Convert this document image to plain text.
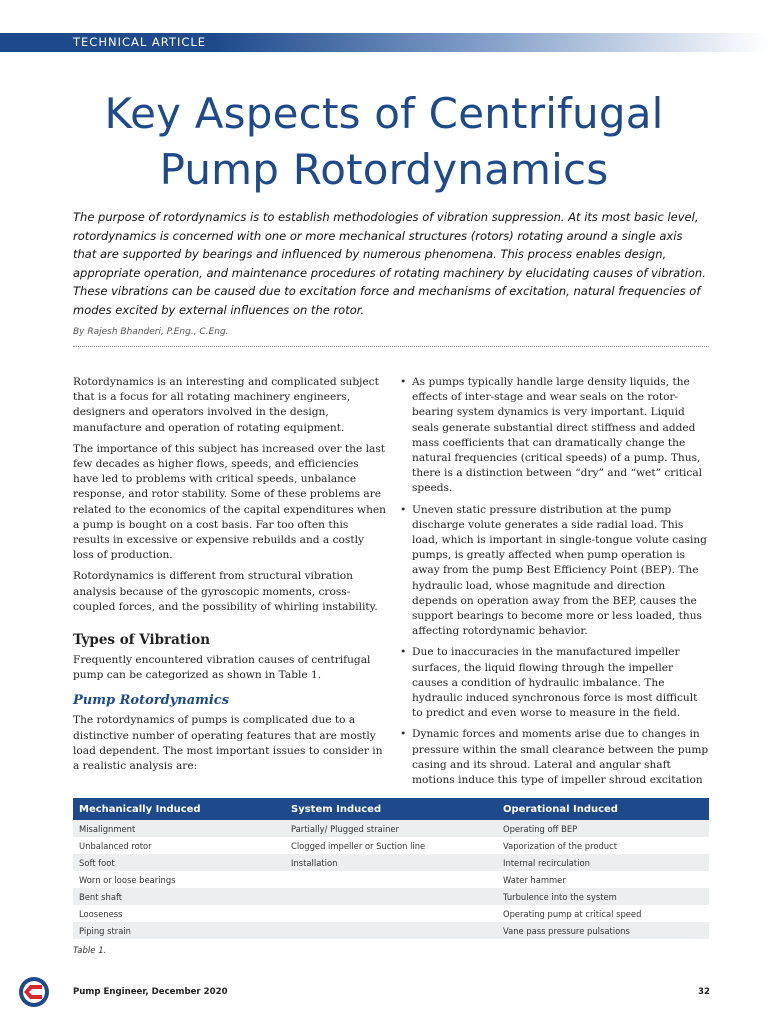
TECHNICAL ARTICLE
Key Aspects of Centrifugal
Pump Rotordynamics

The purpose of rotordynamics is to establish methodologies of vibration suppression. At its most basic level, rotordynamics is concerned with one or more mechanical structures (rotors) rotating around a single axis that are supported by bearings and influenced by numerous phenomena. This process enables design, appropriate operation, and maintenance procedures of rotating machinery by elucidating causes of vibration. These vibrations can be caused due to excitation force and mechanisms of excitation, natural frequencies of modes excited by external influences on the rotor.

By Rajesh Bhanderi, P.Eng., C.Eng.

Rotordynamics is an interesting and complicated subject that is a focus for all rotating machinery engineers, designers and operators involved in the design, manufacture and operation of rotating equipment.

The importance of this subject has increased over the last few decades as higher flows, speeds, and efficiencies have led to problems with critical speeds, unbalance response, and rotor stability. Some of these problems are related to the economics of the capital expenditures when a pump is bought on a cost basis. Far too often this results in excessive or expensive rebuilds and a costly loss of production.

Rotordynamics is different from structural vibration analysis because of the gyroscopic moments, cross-coupled forces, and the possibility of whirling instability.

Types of Vibration

Frequently encountered vibration causes of centrifugal pump can be categorized as shown in Table 1.

Pump Rotordynamics

The rotordynamics of pumps is complicated due to a distinctive number of operating features that are mostly load dependent. The most important issues to consider in a realistic analysis are:

• As pumps typically handle large density liquids, the effects of inter-stage and wear seals on the rotor-bearing system dynamics is very important. Liquid seals generate substantial direct stiffness and added mass coefficients that can dramatically change the natural frequencies (critical speeds) of a pump. Thus, there is a distinction between “dry” and “wet” critical speeds.
• Uneven static pressure distribution at the pump discharge volute generates a side radial load. This load, which is important in single-tongue volute casing pumps, is greatly affected when pump operation is away from the pump Best Efficiency Point (BEP). The hydraulic load, whose magnitude and direction depends on operation away from the BEP, causes the support bearings to become more or less loaded, thus affecting rotordynamic behavior.
• Due to inaccuracies in the manufactured impeller surfaces, the liquid flowing through the impeller causes a condition of hydraulic imbalance. The hydraulic induced synchronous force is most difficult to predict and even worse to measure in the field.
• Dynamic forces and moments arise due to changes in pressure within the small clearance between the pump casing and its shroud. Lateral and angular shaft motions induce this type of impeller shroud excitation
Mechanically Induced	System Induced	Operational Induced
Misalignment	Partially/ Plugged strainer	Operating off BEP
Unbalanced rotor	Clogged impeller or Suction line	Vaporization of the product
Soft foot	Installation	Internal recirculation
Worn or loose bearings		Water hammer
Bent shaft		Turbulence into the system
Looseness		Operating pump at critical speed
Piping strain		Vane pass pressure pulsations

Table 1.

Pump Engineer, December 2020	32
